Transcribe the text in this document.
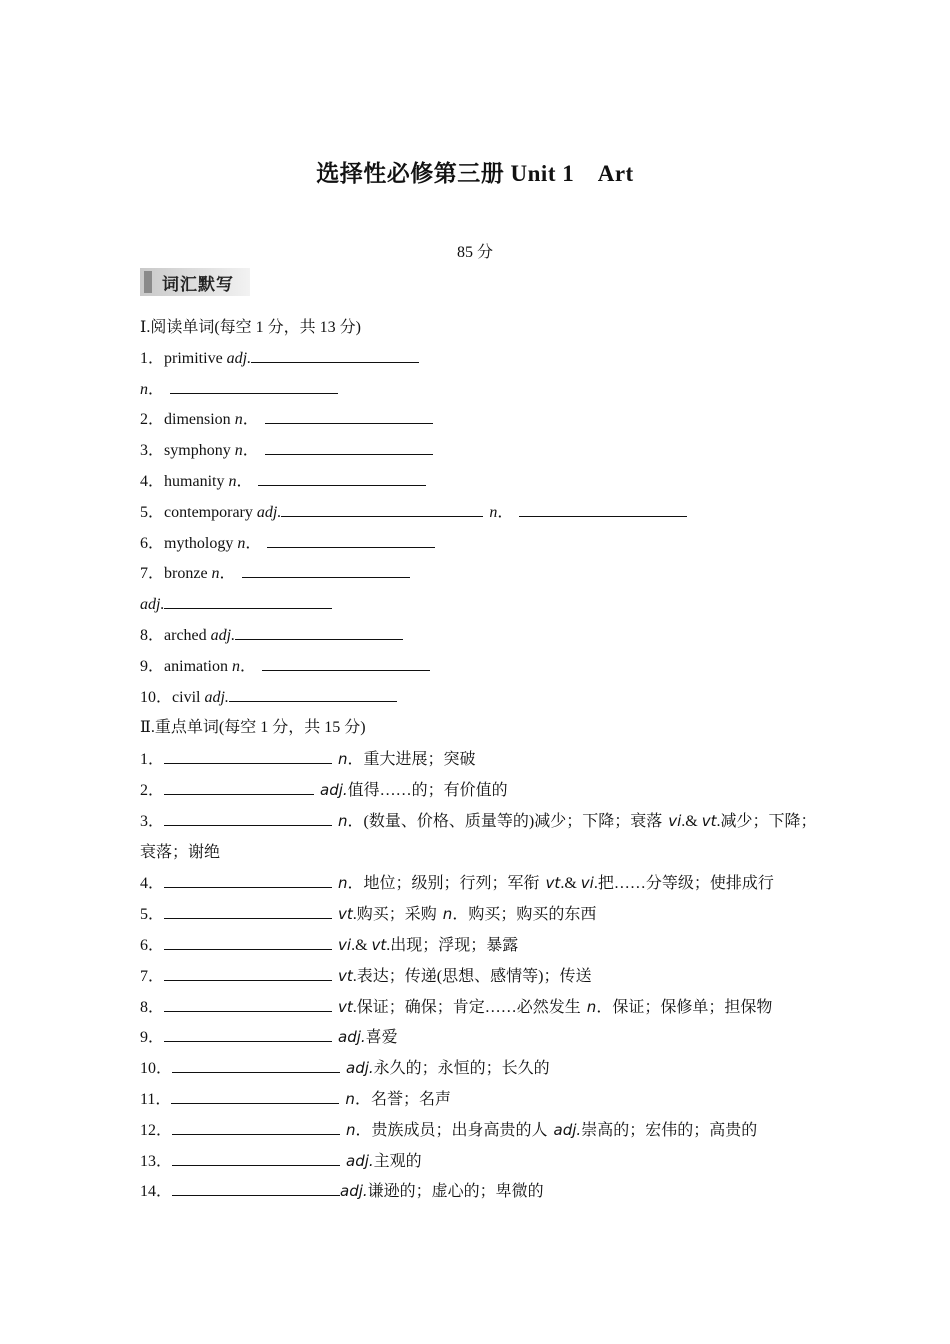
选择性必修第三册 Unit 1　Art
85 分
词汇默写
Ⅰ.阅读单词(每空 1 分，共 13 分)
1．primitive adj.
n．
2．dimension n．
3．symphony n．
4．humanity n．
5．contemporary adj.	n．
6．mythology n．
7．bronze n．
adj.
8．arched adj.
9．animation n．
10．civil adj.
Ⅱ.重点单词(每空 1 分，共 15 分)
1．	n．重大进展；突破
2．	adj.值得……的；有价值的
3．	n．(数量、价格、质量等的)减少；下降；衰落 vi.& vt.减少；下降；衰落；谢绝
4．	n．地位；级别；行列；军衔 vt.& vi.把……分等级；使排成行
5．	vt.购买；采购 n．购买；购买的东西
6．	vi.& vt.出现；浮现；暴露
7．	vt.表达；传递(思想、感情等)；传送
8．	vt.保证；确保；肯定……必然发生 n．保证；保修单；担保物
9．	adj.喜爱
10．	adj.永久的；永恒的；长久的
11．	n．名誉；名声
12．	n．贵族成员；出身高贵的人 adj.崇高的；宏伟的；高贵的
13．	adj.主观的
14．	adj.谦逊的；虚心的；卑微的
